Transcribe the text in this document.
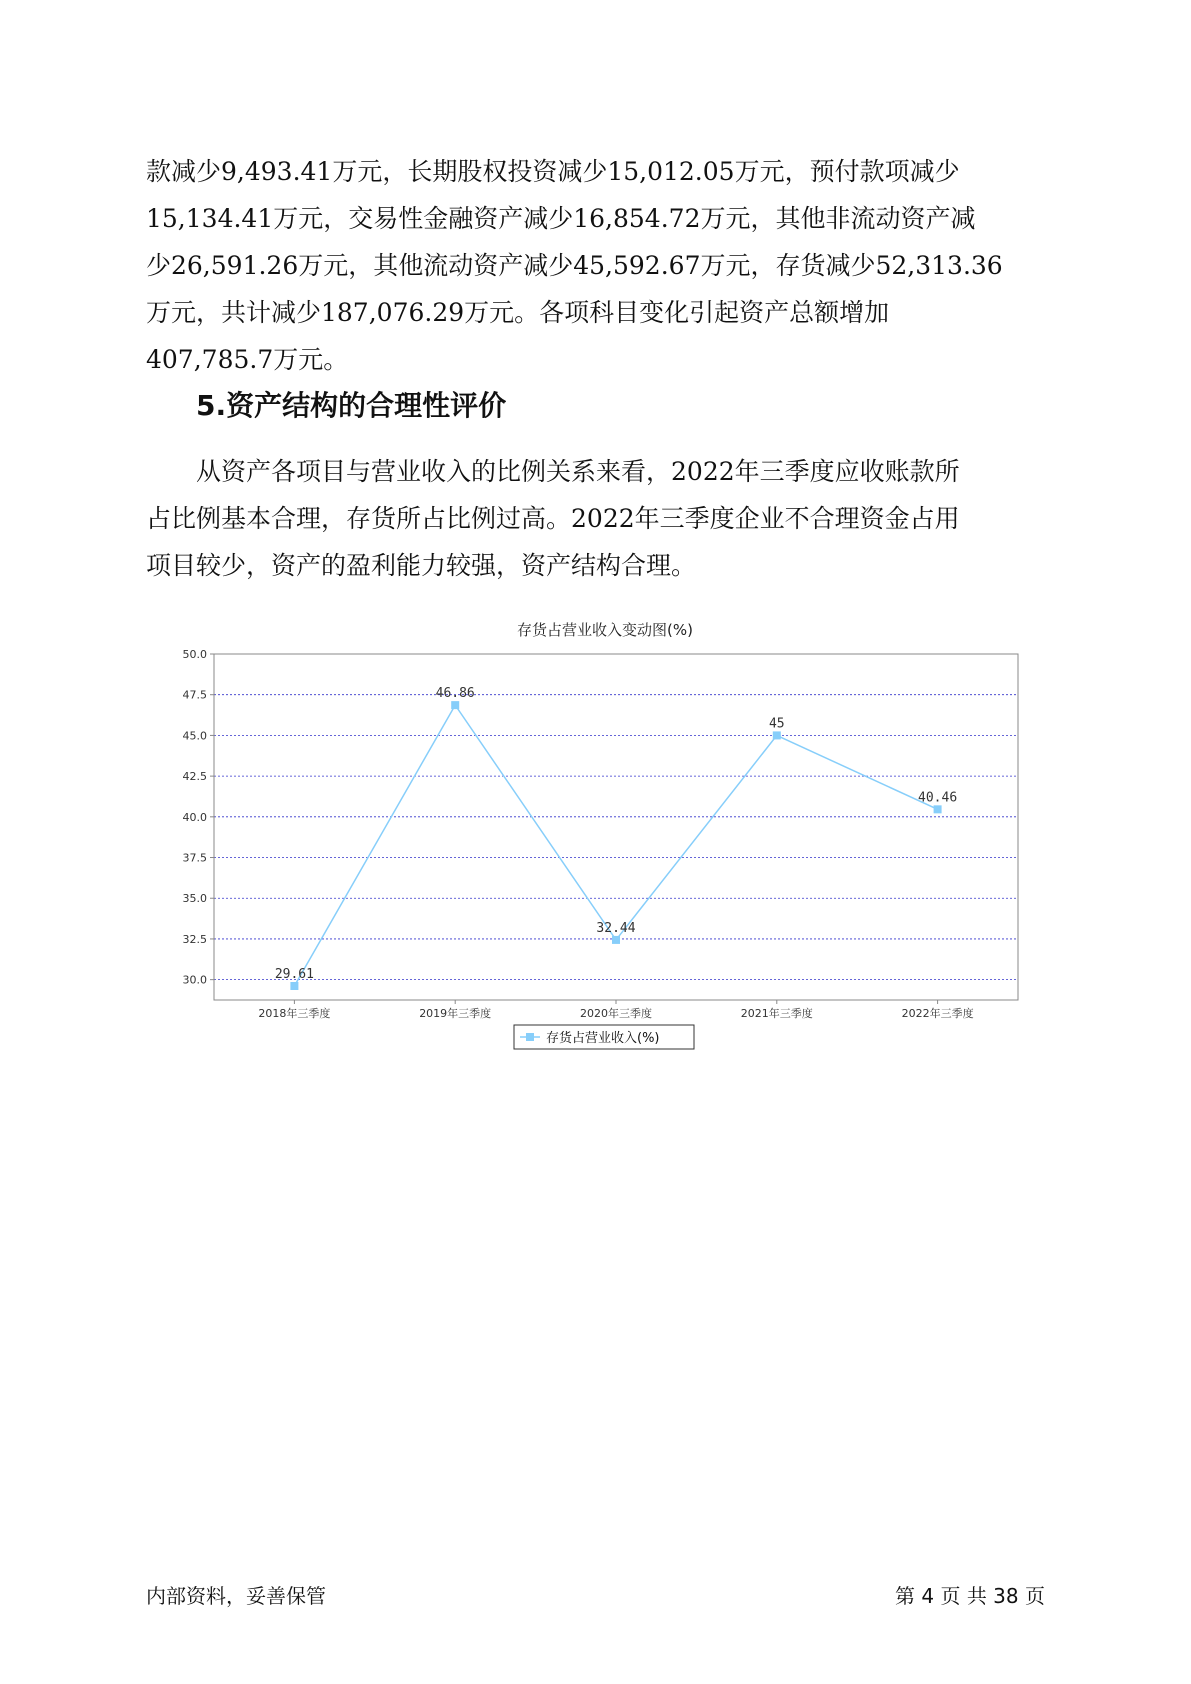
款减少9,493.41万元，长期股权投资减少15,012.05万元，预付款项减少
15,134.41万元，交易性金融资产减少16,854.72万元，其他非流动资产减
少26,591.26万元，其他流动资产减少45,592.67万元，存货减少52,313.36
万元，共计减少187,076.29万元。各项科目变化引起资产总额增加
407,785.7万元。
5.资产结构的合理性评价
从资产各项目与营业收入的比例关系来看，2022年三季度应收账款所
占比例基本合理，存货所占比例过高。2022年三季度企业不合理资金占用
项目较少，资产的盈利能力较强，资产结构合理。
存货占营业收入变动图(%)
30.0
32.5
35.0
37.5
40.0
42.5
45.0
47.5
50.0
2018年三季度	2019年三季度	2020年三季度	2021年三季度	2022年三季度
29.61
46.86
32.44
45
40.46
存货占营业收入(%)
内部资料，妥善保管	第 4 页 共 38 页
